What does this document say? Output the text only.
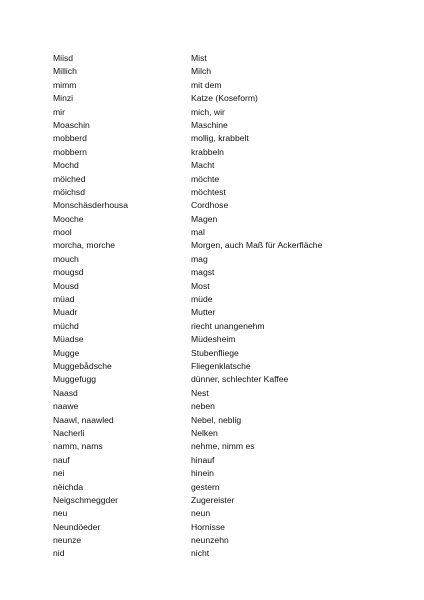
Miisd	Mist
Millich	Milch
mimm	mit dem
Minzi	Katze (Koseform)
mir	mich, wir
Moaschin	Maschine
mobberd	mollig, krabbelt
mobbern	krabbeln
Mochd	Macht
möiched	möchte
möichsd	möchtest
Monschäsderhousa	Cordhose
Mooche	Magen
mool	mal
morcha, morche	Morgen, auch Maß für Ackerfläche
mouch	mag
mougsd	magst
Mousd	Most
müad	müde
Muadr	Mutter
müchd	riecht unangenehm
Müadse	Müdesheim
Mugge	Stubenfliege
Muggebådsche	Fliegenklatsche
Muggefugg	dünner, schlechter Kaffee
Naasd	Nest
naawe	neben
Naawl, naawled	Nebel, neblig
Nacherli	Nelken
namm, nams	nehme, nimm es
nauf	hinauf
nei	hinein
nëichda	gestern
Neigschmeggder	Zugereister
neu	neun
Neundöeder	Hornisse
neunze	neunzehn
nid	nicht
